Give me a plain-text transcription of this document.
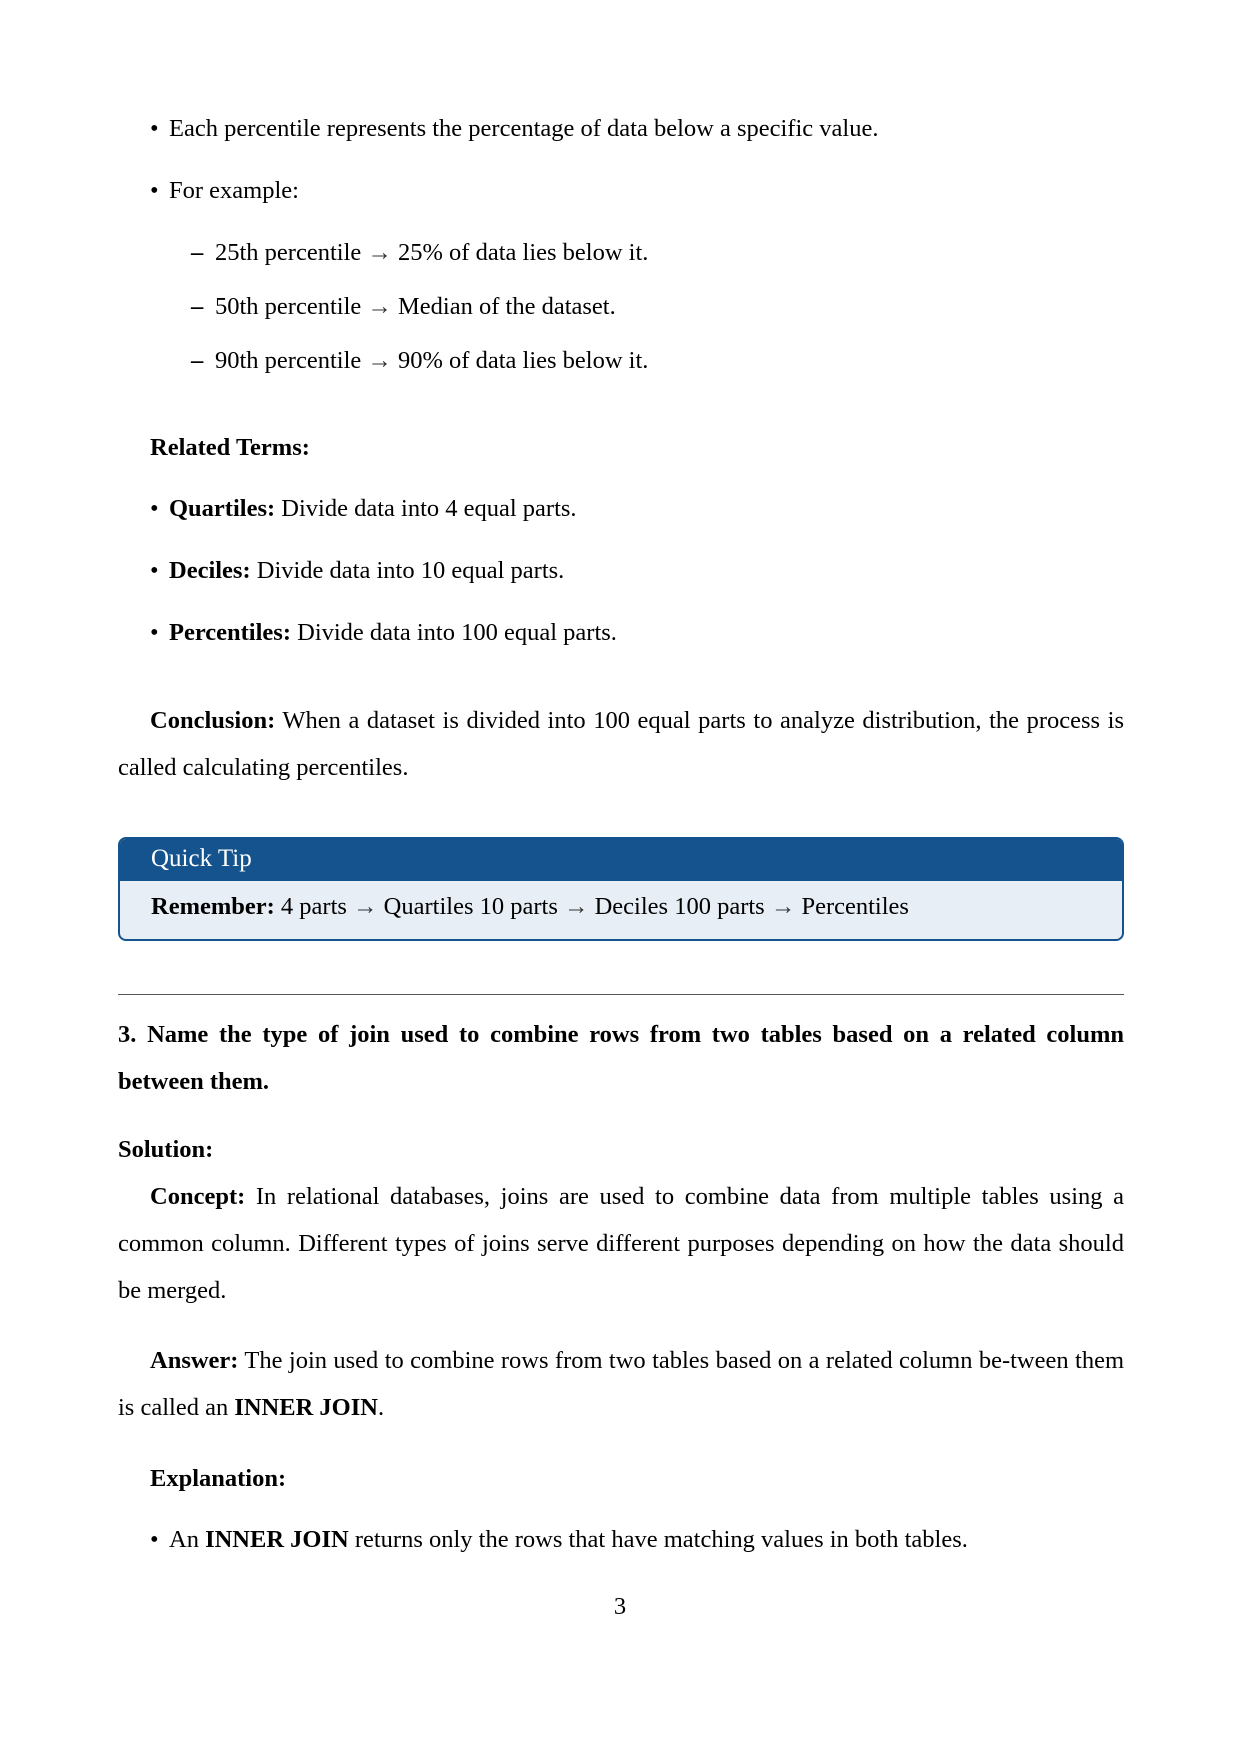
• Each percentile represents the percentage of data below a specific value.
• For example:
– 25th percentile → 25% of data lies below it.
– 50th percentile → Median of the dataset.
– 90th percentile → 90% of data lies below it.

Related Terms:

• Quartiles: Divide data into 4 equal parts.
• Deciles: Divide data into 10 equal parts.
• Percentiles: Divide data into 100 equal parts.

Conclusion: When a dataset is divided into 100 equal parts to analyze distribution, the process is called calculating percentiles.

Quick Tip
Remember: 4 parts → Quartiles 10 parts → Deciles 100 parts → Percentiles

3. Name the type of join used to combine rows from two tables based on a related column between them.

Solution:

Concept: In relational databases, joins are used to combine data from multiple tables using a common column. Different types of joins serve different purposes depending on how the data should be merged.

Answer: The join used to combine rows from two tables based on a related column be-tween them is called an INNER JOIN.

Explanation:

• An INNER JOIN returns only the rows that have matching values in both tables.
3
